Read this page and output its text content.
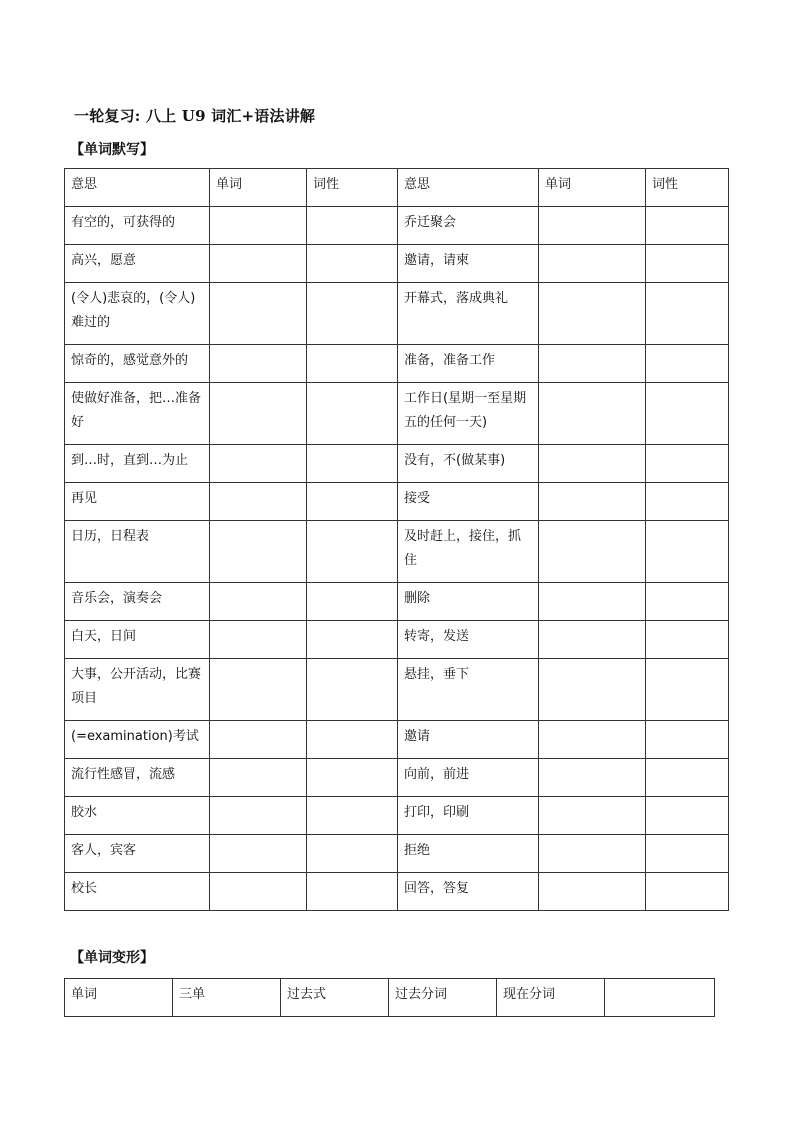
一轮复习: 八上 U9 词汇+语法讲解
【单词默写】
意思	单词	词性	意思	单词	词性
有空的，可获得的			乔迁聚会		
高兴，愿意			邀请，请柬		
(令人)悲哀的，(令人)难过的			开幕式，落成典礼		
惊奇的，感觉意外的			准备，准备工作		
使做好准备，把…准备好			工作日(星期一至星期五的任何一天)		
到…时，直到…为止			没有，不(做某事)		
再见			接受		
日历，日程表			及时赶上，接住，抓住		
音乐会，演奏会			删除		
白天，日间			转寄，发送		
大事，公开活动，比赛项目			悬挂，垂下		
(=examination)考试			邀请		
流行性感冒，流感			向前，前进		
胶水			打印，印刷		
客人，宾客			拒绝		
校长			回答，答复		
【单词变形】
单词	三单	过去式	过去分词	现在分词	
